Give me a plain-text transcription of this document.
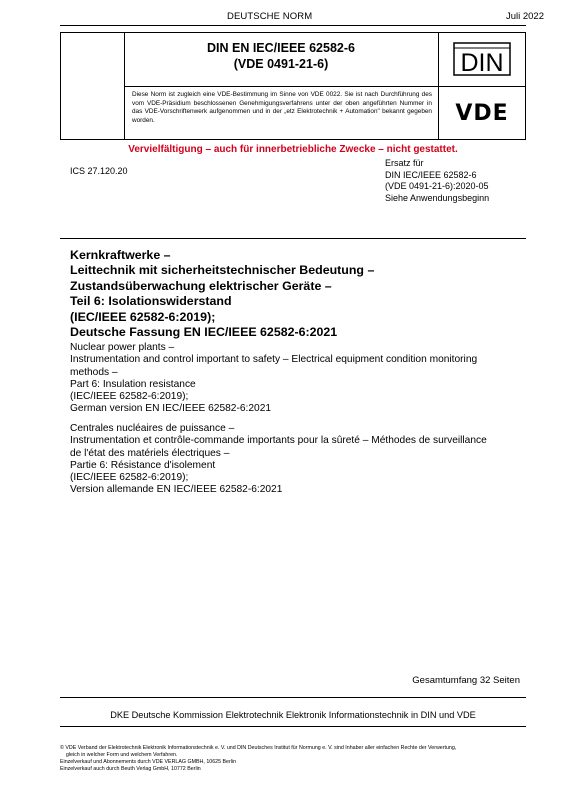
DEUTSCHE NORM	Juli 2022
DIN EN IEC/IEEE 62582-6
(VDE 0491-21-6)	DIN
Diese Norm ist zugleich eine VDE-Bestimmung im Sinne von VDE 0022. Sie ist nach Durchführung des vom VDE-Präsidium beschlossenen Genehmigungsverfahrens unter der oben angeführten Nummer in das VDE-Vorschriftenwerk aufgenommen und in der „etz Elektrotechnik + Automation" bekannt gegeben worden.	VDE
Vervielfältigung – auch für innerbetriebliche Zwecke – nicht gestattet.
ICS 27.120.20
Ersatz für
DIN IEC/IEEE 62582-6
(VDE 0491-21-6):2020-05
Siehe Anwendungsbeginn
Kernkraftwerke –
Leittechnik mit sicherheitstechnischer Bedeutung –
Zustandsüberwachung elektrischer Geräte –
Teil 6: Isolationswiderstand
(IEC/IEEE 62582-6:2019);
Deutsche Fassung EN IEC/IEEE 62582-6:2021
Nuclear power plants –
Instrumentation and control important to safety – Electrical equipment condition monitoring
methods –
Part 6: Insulation resistance
(IEC/IEEE 62582-6:2019);
German version EN IEC/IEEE 62582-6:2021
Centrales nucléaires de puissance –
Instrumentation et contrôle-commande importants pour la sûreté – Méthodes de surveillance
de l'état des matériels électriques –
Partie 6: Résistance d'isolement
(IEC/IEEE 62582-6:2019);
Version allemande EN IEC/IEEE 62582-6:2021
Gesamtumfang 32 Seiten
DKE Deutsche Kommission Elektrotechnik Elektronik Informationstechnik in DIN und VDE
© VDE Verband der Elektrotechnik Elektronik Informationstechnik e. V. und DIN Deutsches Institut für Normung e. V. sind Inhaber aller einfachen Rechte der Verwertung,
gleich in welcher Form und welchem Verfahren.
Einzelverkauf und Abonnements durch VDE VERLAG GMBH, 10625 Berlin
Einzelverkauf auch durch Beuth Verlag GmbH, 10772 Berlin
